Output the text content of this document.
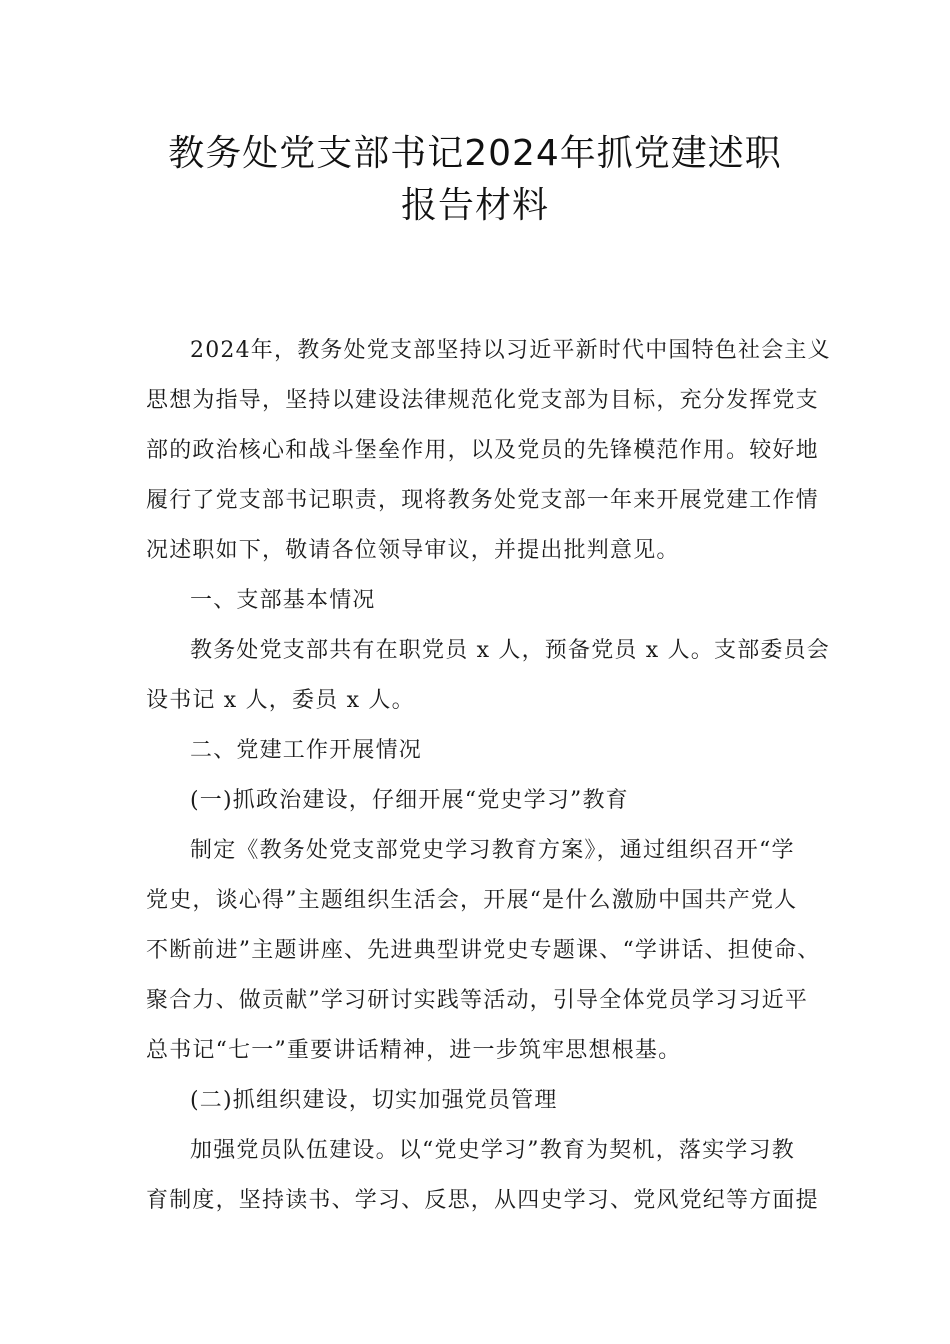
教务处党支部书记2024年抓党建述职
报告材料
2024年，教务处党支部坚持以习近平新时代中国特色社会主义
思想为指导，坚持以建设法律规范化党支部为目标，充分发挥党支
部的政治核心和战斗堡垒作用，以及党员的先锋模范作用。较好地
履行了党支部书记职责，现将教务处党支部一年来开展党建工作情
况述职如下，敬请各位领导审议，并提出批判意见。
一、支部基本情况
教务处党支部共有在职党员 x 人，预备党员 x 人。支部委员会
设书记 x 人，委员 x 人。
二、党建工作开展情况
(一)抓政治建设，仔细开展“党史学习”教育
制定《教务处党支部党史学习教育方案》，通过组织召开“学
党史，谈心得”主题组织生活会，开展“是什么激励中国共产党人
不断前进”主题讲座、先进典型讲党史专题课、“学讲话、担使命、
聚合力、做贡献”学习研讨实践等活动，引导全体党员学习习近平
总书记“七一”重要讲话精神，进一步筑牢思想根基。
(二)抓组织建设，切实加强党员管理
加强党员队伍建设。以“党史学习”教育为契机，落实学习教
育制度，坚持读书、学习、反思，从四史学习、党风党纪等方面提
